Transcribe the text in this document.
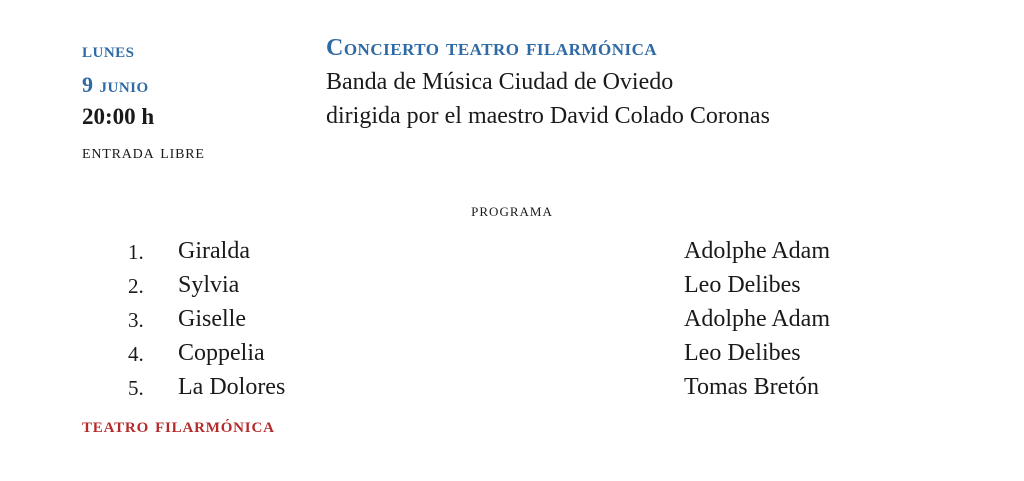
lunes
9 junio
20:00 h
entrada libre
Concierto teatro filarmónica
Banda de Música Ciudad de Oviedo
dirigida por el maestro David Colado Coronas
programa
1.	Giralda	Adolphe Adam
2.	Sylvia	Leo Delibes
3.	Giselle	Adolphe Adam
4.	Coppelia	Leo Delibes
5.	La Dolores	Tomas Bretón
teatro filarmónica
